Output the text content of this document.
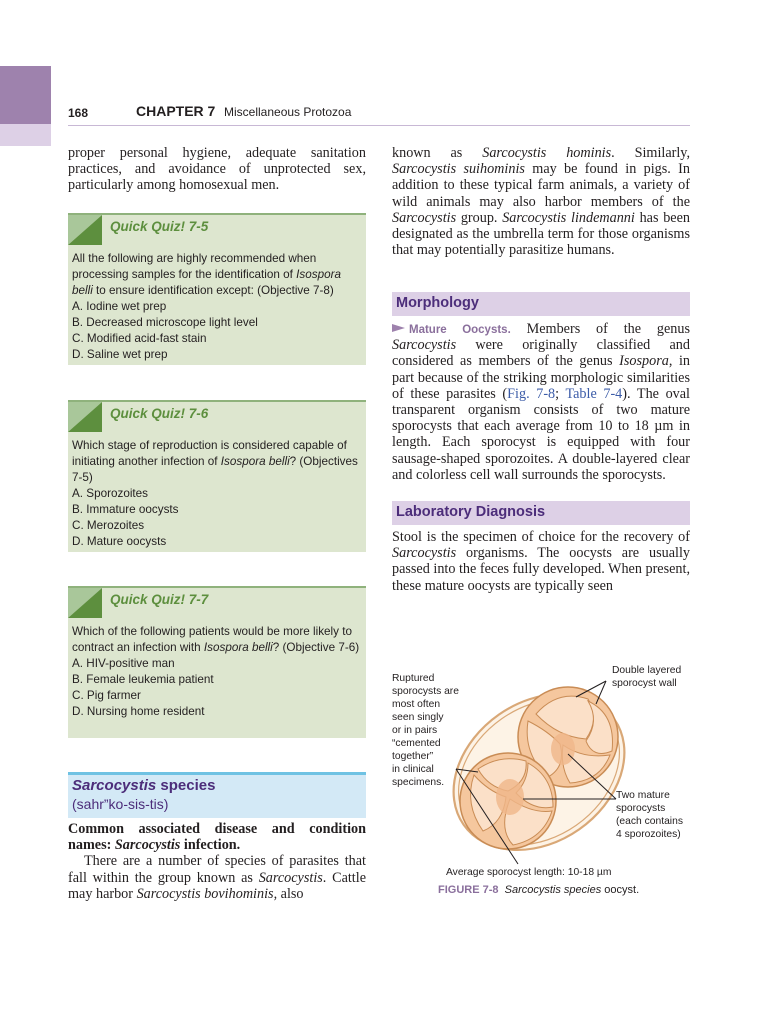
168	CHAPTER 7 Miscellaneous Protozoa

proper personal hygiene, adequate sanitation practices, and avoidance of unprotected sex, particularly among homosexual men.

Quick Quiz! 7-5

All the following are highly recommended when processing samples for the identification of Isospora belli to ensure identification except: (Objective 7-8)

A. Iodine wet prep

B. Decreased microscope light level

C. Modified acid-fast stain

D. Saline wet prep

Quick Quiz! 7-6

Which stage of reproduction is considered capable of initiating another infection of Isospora belli? (Objectives 7-5)

A. Sporozoites

B. Immature oocysts

C. Merozoites

D. Mature oocysts

Quick Quiz! 7-7

Which of the following patients would be more likely to contract an infection with Isospora belli? (Objective 7-6)

A. HIV-positive man

B. Female leukemia patient

C. Pig farmer

D. Nursing home resident

Sarcocystis species
(sahr”ko-sis-tis)

Common associated disease and condition names: Sarcocystis infection.

There are a number of species of parasites that fall within the group known as Sarcocystis. Cattle may harbor Sarcocystis bovihominis, also

known as Sarcocystis hominis. Similarly, Sarcocystis suihominis may be found in pigs. In addition to these typical farm animals, a variety of wild animals may also harbor members of the Sarcocystis group. Sarcocystis lindemanni has been designated as the umbrella term for those organisms that may potentially parasitize humans.

Morphology

Mature Oocysts. Members of the genus Sarcocystis were originally classified and considered as members of the genus Isospora, in part because of the striking morphologic similarities of these parasites (Fig. 7-8; Table 7-4). The oval transparent organism consists of two mature sporocysts that each average from 10 to 18 µm in length. Each sporocyst is equipped with four sausage-shaped sporozoites. A double-layered clear and colorless cell wall surrounds the sporocysts.

Laboratory Diagnosis

Stool is the specimen of choice for the recovery of Sarcocystis organisms. The oocysts are usually passed into the feces fully developed. When present, these mature oocysts are typically seen

Ruptured
sporocysts are
most often
seen singly
or in pairs
“cemented
together”
in clinical
specimens.
Double layered
sporocyst wall
Two mature
sporocysts
(each contains
4 sporozoites)
Average sporocyst length: 10-18 µm
FIGURE 7-8 Sarcocystis species oocyst.
